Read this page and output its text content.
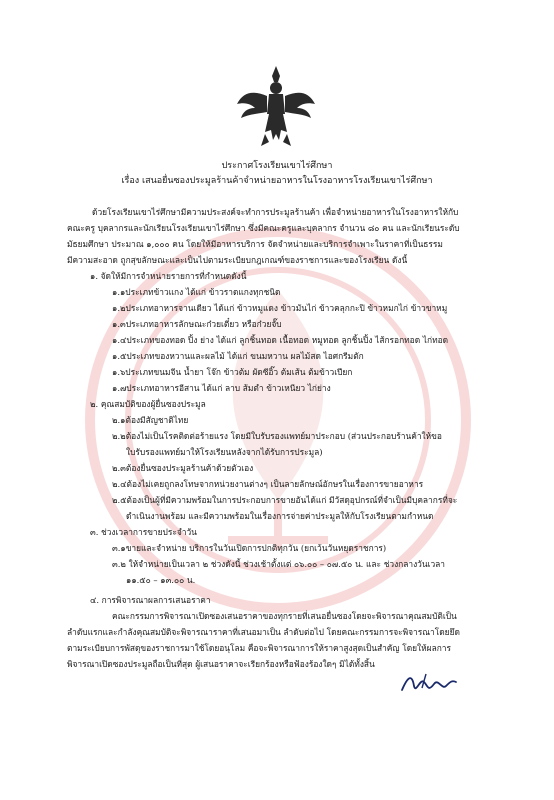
ประกาศโรงเรียนเขาไร่ศึกษา
เรื่อง เสนอยื่นซองประมูลร้านค้าจำหน่ายอาหารในโรงอาหารโรงเรียนเขาไร่ศึกษา
ด้วยโรงเรียนเขาไร่ศึกษามีความประสงค์จะทำการประมูลร้านค้า เพื่อจำหน่ายอาหารในโรงอาหารให้กับ
คณะครู บุคลากรและนักเรียนโรงเรียนเขาไร่ศึกษา ซึ่งมีคณะครูและบุคลากร จำนวน ๘๐ คน และนักเรียนระดับ
มัธยมศึกษา ประมาณ ๑,๐๐๐ คน โดยให้มีอาหารบริการ จัดจำหน่ายและบริการจำเพาะในราคาที่เป็นธรรม
มีความสะอาด ถูกสุขลักษณะและเป็นไปตามระเบียบกฎเกณฑ์ของราชการและของโรงเรียน ดังนี้
๑. จัดให้มีการจำหน่ายรายการที่กำหนดดังนี้
๑.๑ประเภทข้าวแกง ได้แก่ ข้าวราดแกงทุกชนิด
๑.๒ประเภทอาหารจานเดียว ได้แก่ ข้าวหมูแดง ข้าวมันไก่ ข้าวคลุกกะปิ ข้าวหมกไก่ ข้าวขาหมู
๑.๓ประเภทอาหารลักษณะก๋วยเตี๋ยว หรือก๋วยจั๊บ
๑.๔ประเภทของทอด ปิ้ง ย่าง ได้แก่ ลูกชิ้นทอด เนื้อทอด หมูทอด ลูกชิ้นปิ้ง ไส้กรอกทอด ไก่ทอด
๑.๕ประเภทของหวานและผลไม้ ได้แก่ ขนมหวาน ผลไม้สด ไอศกรีมตัก
๑.๖ประเภทขนมจีน น้ำยา โจ๊ก ข้าวต้ม ผัดซีอิ๊ว ต้มเส้น ต้มข้าวเปียก
๑.๗ประเภทอาหารอีสาน ได้แก่ ลาบ ส้มตำ ข้าวเหนียว ไก่ย่าง
๒. คุณสมบัติของผู้ยื่นซองประมูล
๒.๑ต้องมีสัญชาติไทย
๒.๒ต้องไม่เป็นโรคติดต่อร้ายแรง โดยมีใบรับรองแพทย์มาประกอบ (ส่วนประกอบร้านค้าให้ขอ
ใบรับรองแพทย์มาให้โรงเรียนหลังจากได้รับการประมูล)
๒.๓ต้องยื่นซองประมูลร้านค้าด้วยตัวเอง
๒.๔ต้องไม่เคยถูกลงโทษจากหน่วยงานต่างๆ เป็นลายลักษณ์อักษรในเรื่องการขายอาหาร
๒.๕ต้องเป็นผู้ที่มีความพร้อมในการประกอบการขายอันได้แก่ มีวัสดุอุปกรณ์ที่จำเป็นมีบุคลากรที่จะ
ดำเนินงานพร้อม และมีความพร้อมในเรื่องการจ่ายค่าประมูลให้กับโรงเรียนตามกำหนด
๓. ช่วงเวลาการขายประจำวัน
๓.๑ขายและจำหน่าย บริการในวันเปิดการปกติทุกวัน (ยกเว้นวันหยุดราชการ)
๓.๒ ให้จำหน่ายเป็นเวลา ๒ ช่วงดังนี้ ช่วงเช้าตั้งแต่ ๐๖.๐๐ – ๐๗.๕๐ น. และ ช่วงกลางวันเวลา
๑๑.๕๐ – ๑๓.๐๐ น.
๔. การพิจารณาผลการเสนอราคา
คณะกรรมการพิจารณาเปิดซองเสนอราคาของทุกรายที่เสนอยื่นซองโดยจะพิจารณาคุณสมบัติเป็น
ลำดับแรกและกำลังคุณสมบัติจะพิจารณาราคาที่เสนอมาเป็น ลำดับต่อไป โดยคณะกรรมการจะพิจารณาโดยยึด
ตามระเบียบการพัสดุของราชการมาใช้โดยอนุโลม คือจะพิจารณาการให้ราคาสูงสุดเป็นสำคัญ โดยให้ผลการ
พิจารณาเปิดซองประมูลถือเป็นที่สุด ผู้เสนอราคาจะเรียกร้องหรือฟ้องร้องใดๆ มิได้ทั้งสิ้น
